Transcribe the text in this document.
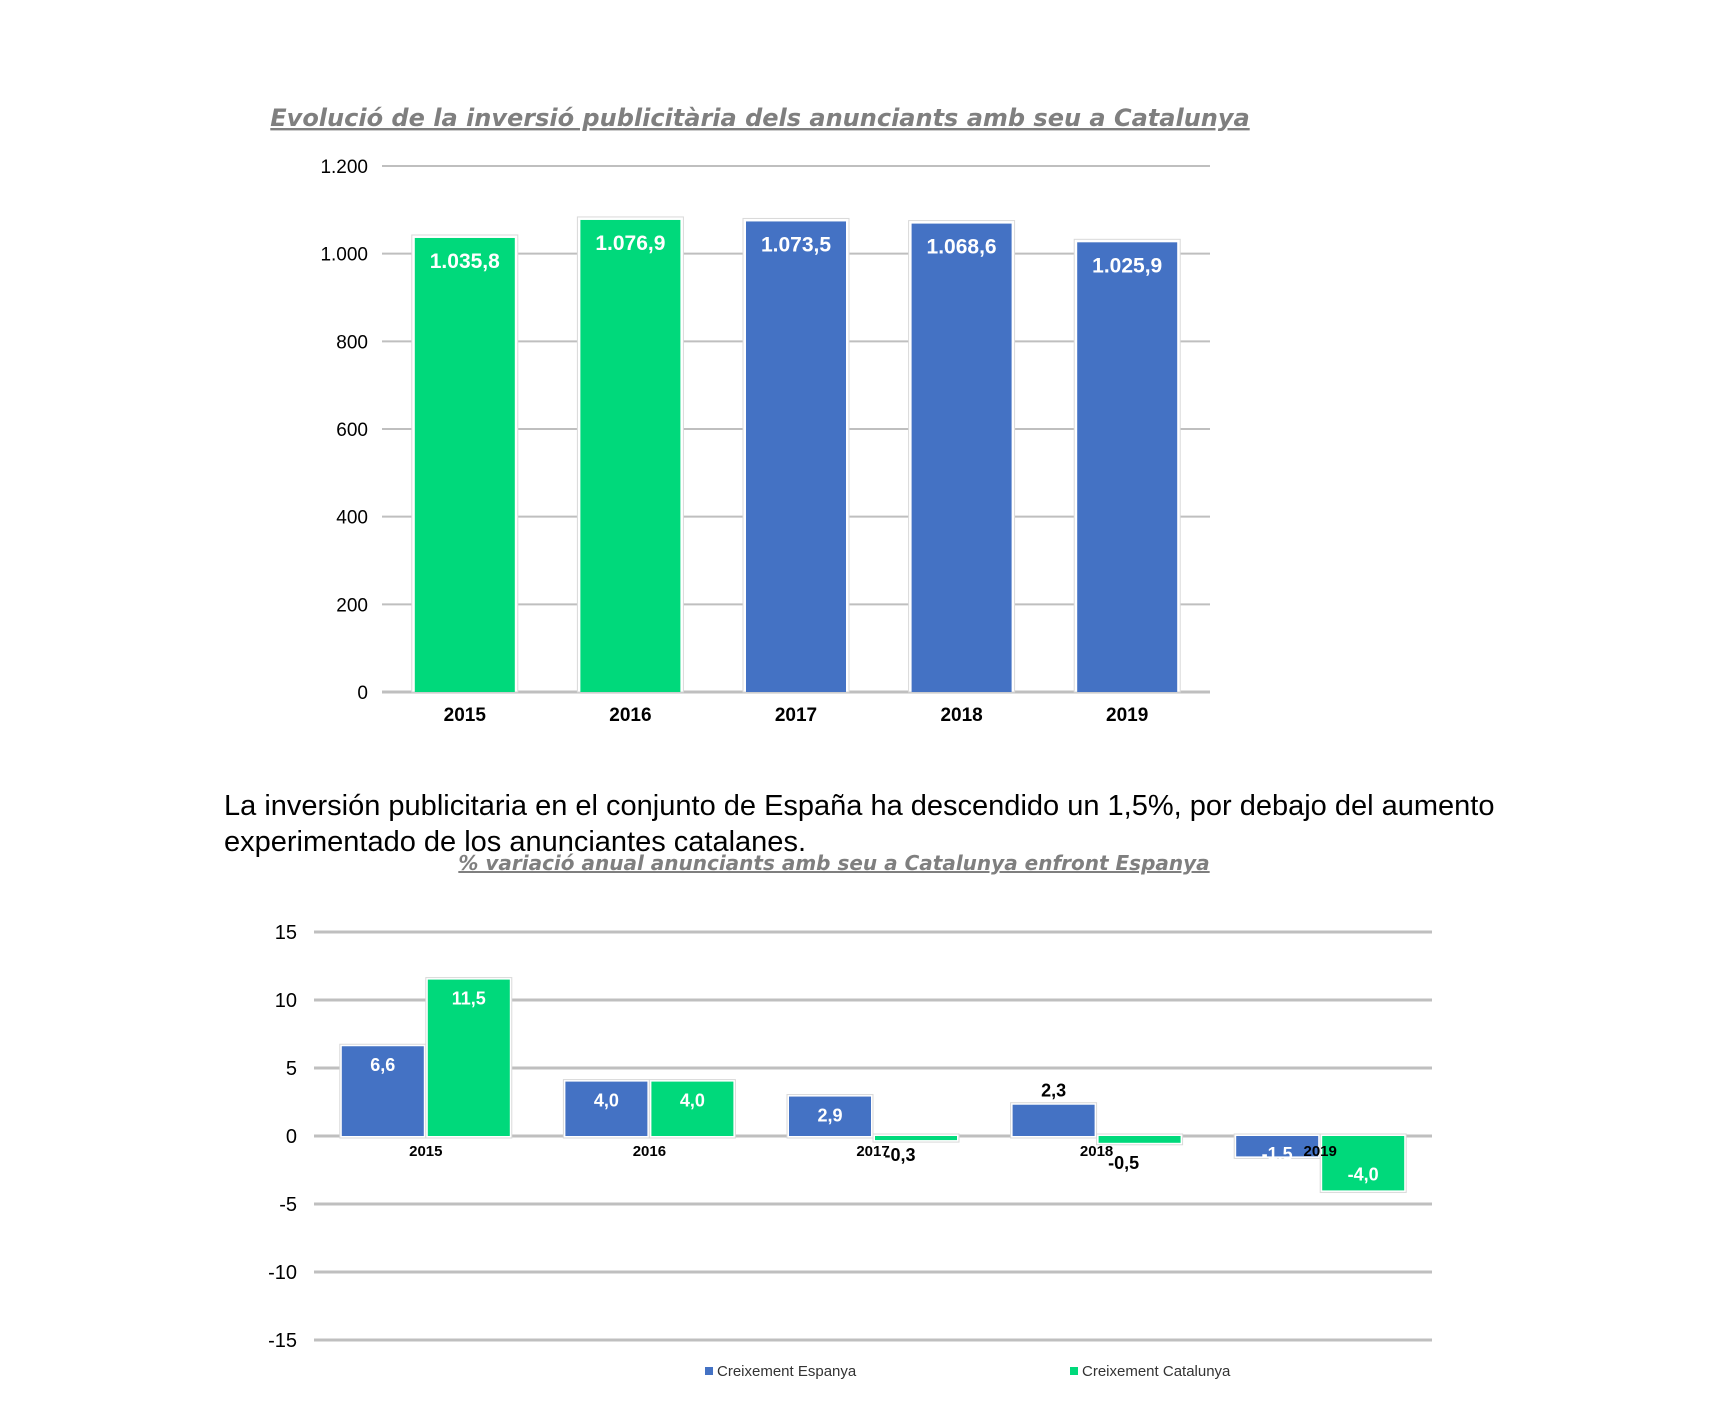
Evolució de la inversió publicitària dels anunciants amb seu a Catalunya
0
200
400
600
800
1.000
1.200
1.035,8
1.076,9	1.073,5	1.068,6
1.025,9
2015	2016	2017	2018	2019

La inversión publicitaria en el conjunto de España ha descendido un 1,5%, por debajo del aumento experimentado de los anunciantes catalanes.

% variació anual anunciants amb seu a Catalunya enfront Espanya
-15
-10
-5
0
5
10
15
6,6
11,5
4,0	4,0
2,9
-0,3
2,3
-0,5	-1,5
-4,0
2015	2016	2017	2018	2019
Creixement Espanya	Creixement Catalunya
